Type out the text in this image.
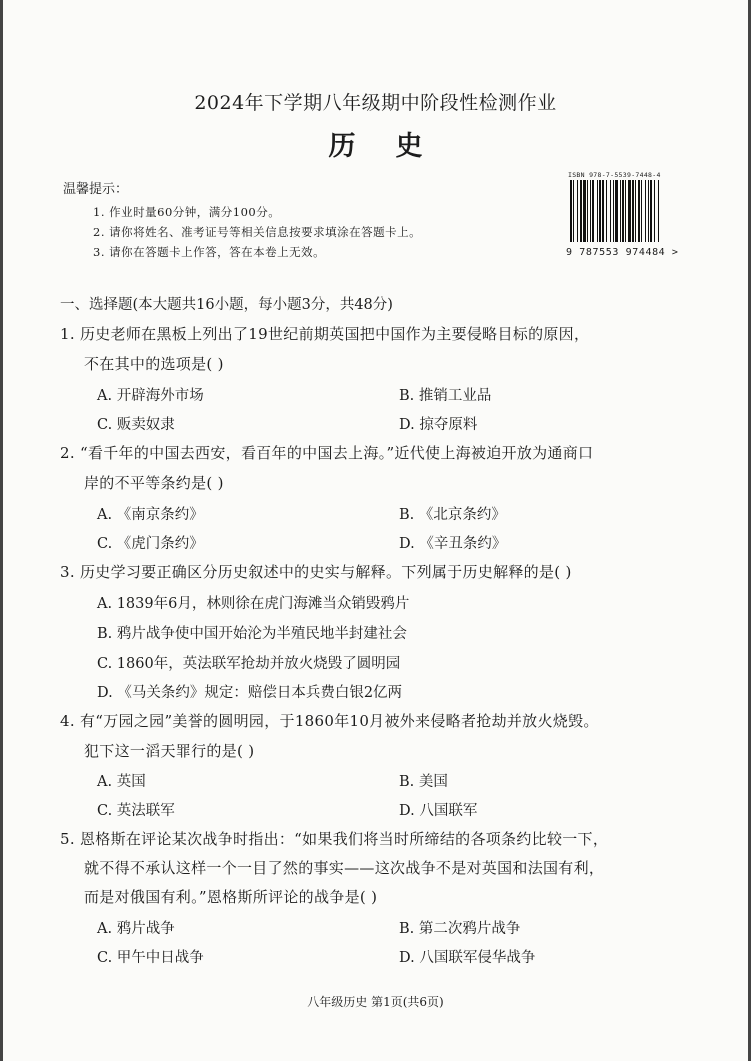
2024年下学期八年级期中阶段性检测作业
历史
温馨提示：
1. 作业时量60分钟，满分100分。
2. 请你将姓名、准考证号等相关信息按要求填涂在答题卡上。
3. 请你在答题卡上作答，答在本卷上无效。
ISBN 978-7-5539-7448-4
9 787553 974484 >
一、选择题(本大题共16小题，每小题3分，共48分)
1. 历史老师在黑板上列出了19世纪前期英国把中国作为主要侵略目标的原因，
不在其中的选项是( )
A. 开辟海外市场	B. 推销工业品
C. 贩卖奴隶	D. 掠夺原料
2. “看千年的中国去西安，看百年的中国去上海。”近代使上海被迫开放为通商口
岸的不平等条约是( )
A. 《南京条约》	B. 《北京条约》
C. 《虎门条约》	D. 《辛丑条约》
3. 历史学习要正确区分历史叙述中的史实与解释。下列属于历史解释的是( )
A. 1839年6月，林则徐在虎门海滩当众销毁鸦片
B. 鸦片战争使中国开始沦为半殖民地半封建社会
C. 1860年，英法联军抢劫并放火烧毁了圆明园
D. 《马关条约》规定：赔偿日本兵费白银2亿两
4. 有“万园之园”美誉的圆明园，于1860年10月被外来侵略者抢劫并放火烧毁。
犯下这一滔天罪行的是( )
A. 英国	B. 美国
C. 英法联军	D. 八国联军
5. 恩格斯在评论某次战争时指出：“如果我们将当时所缔结的各项条约比较一下，
就不得不承认这样一个一目了然的事实——这次战争不是对英国和法国有利，
而是对俄国有利。”恩格斯所评论的战争是( )
A. 鸦片战争	B. 第二次鸦片战争
C. 甲午中日战争	D. 八国联军侵华战争
八年级历史 第1页(共6页)
